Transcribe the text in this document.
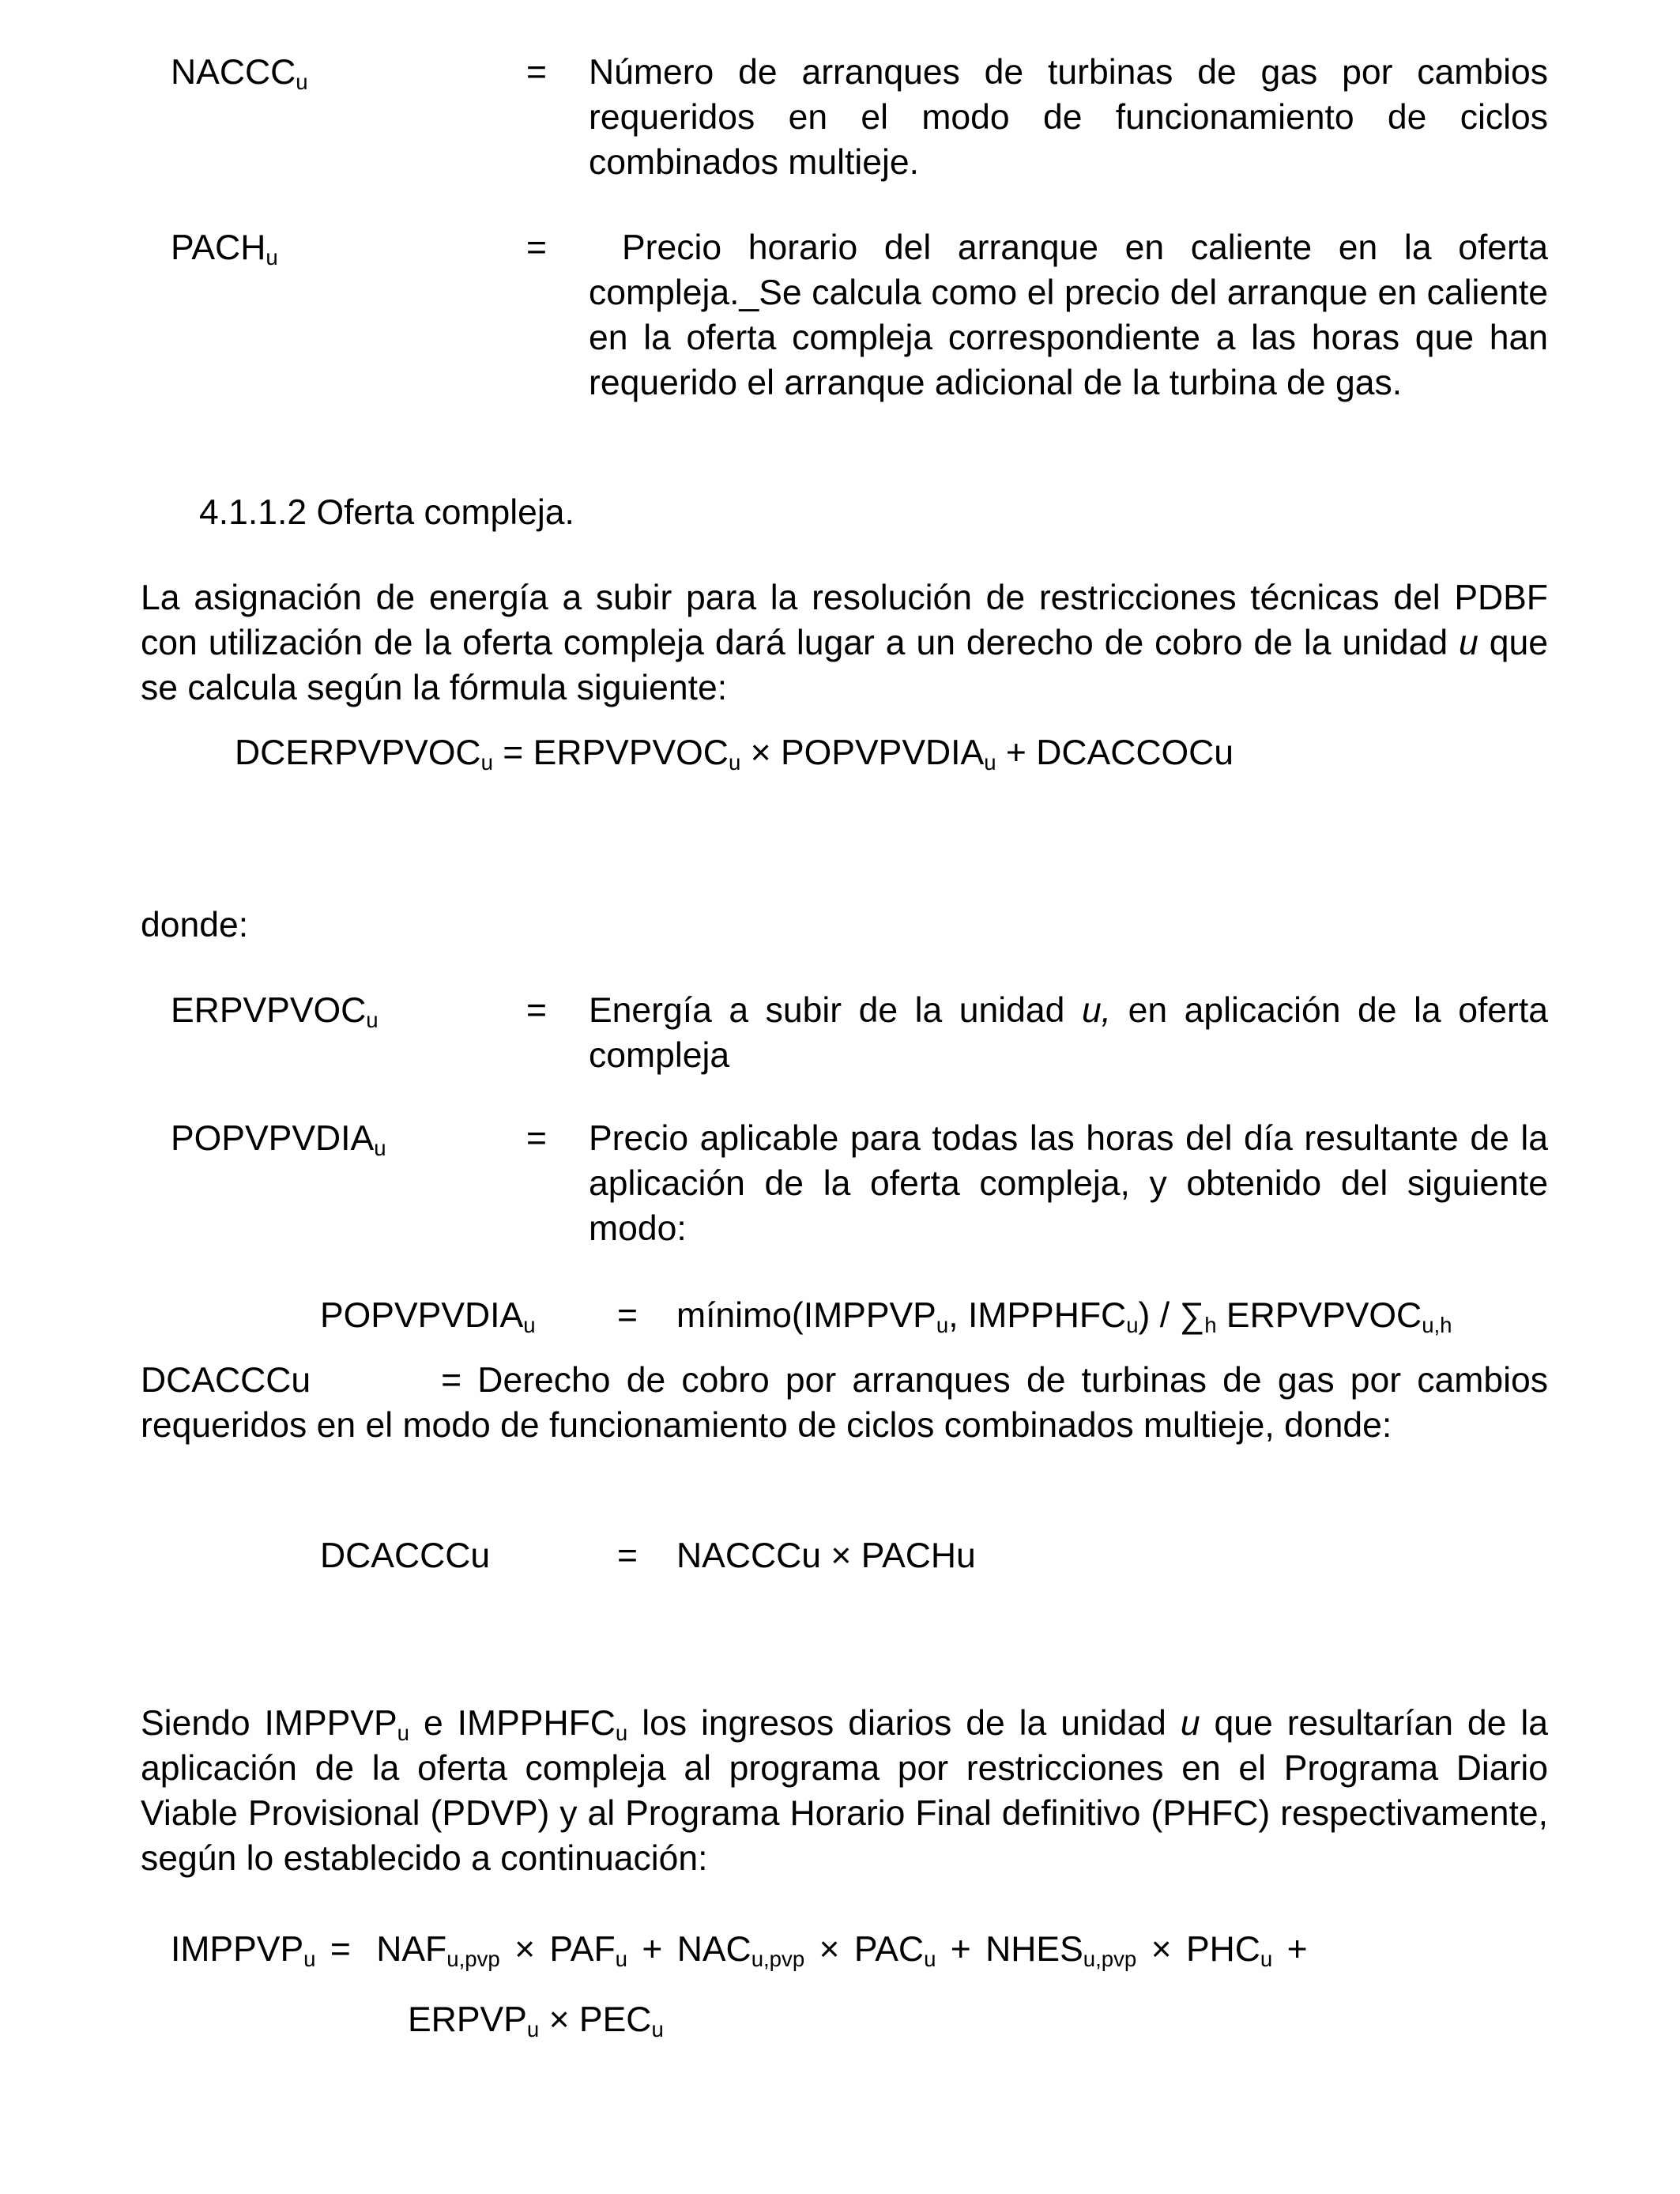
$NACCC_u$	= Número de arranques de turbinas de gas por cambios requeridos en el modo de funcionamiento de ciclos combinados multieje.
$PACH_u$	=	Precio horario del arranque en caliente en la oferta compleja._Se calcula como el precio del arranque en caliente en la oferta compleja correspondiente a las horas que han requerido el arranque adicional de la turbina de gas.
4.1.1.2 Oferta compleja.
La asignación de energía a subir para la resolución de restricciones técnicas del PDBF con utilización de la oferta compleja dará lugar a un derecho de cobro de la unidad u que se calcula según la fórmula siguiente:
$DCERPVPVOC_u$ = $ERPVPVOC_u$ × $POPVPVDIA_u$ + DCACCOCu
donde:
$ERPVPVOC_u$	= Energía a subir de la unidad u, en aplicación de la oferta compleja
$POPVPVDIA_u$	= Precio aplicable para todas las horas del día resultante de la aplicación de la oferta compleja, y obtenido del siguiente modo:
$POPVPVDIA_u$ = $mínimo(IMPPVP_u$, $IMPPHFC_u) / \sum_h$ $ERPVPVOC_{u,h}$
DCACCCu	= Derecho de cobro por arranques de turbinas de gas por cambios requeridos en el modo de funcionamiento de ciclos combinados multieje, donde:
DCACCCu	= NACCCu × PACHu
Siendo $IMPPVP_u$ e $IMPPHFC_u$ los ingresos diarios de la unidad u que resultarían de la aplicación de la oferta compleja al programa por restricciones en el Programa Diario Viable Provisional (PDVP) y al Programa Horario Final definitivo (PHFC) respectivamente, según lo establecido a continuación:
$IMPPVP_u = NAF_{u,pvp} \times PAF_u + NAC_{u,pvp} \times PAC_u$ + $NHES_{u,pvp} \times PHC_u$ +
$ERPVP_u \times PEC_u$
